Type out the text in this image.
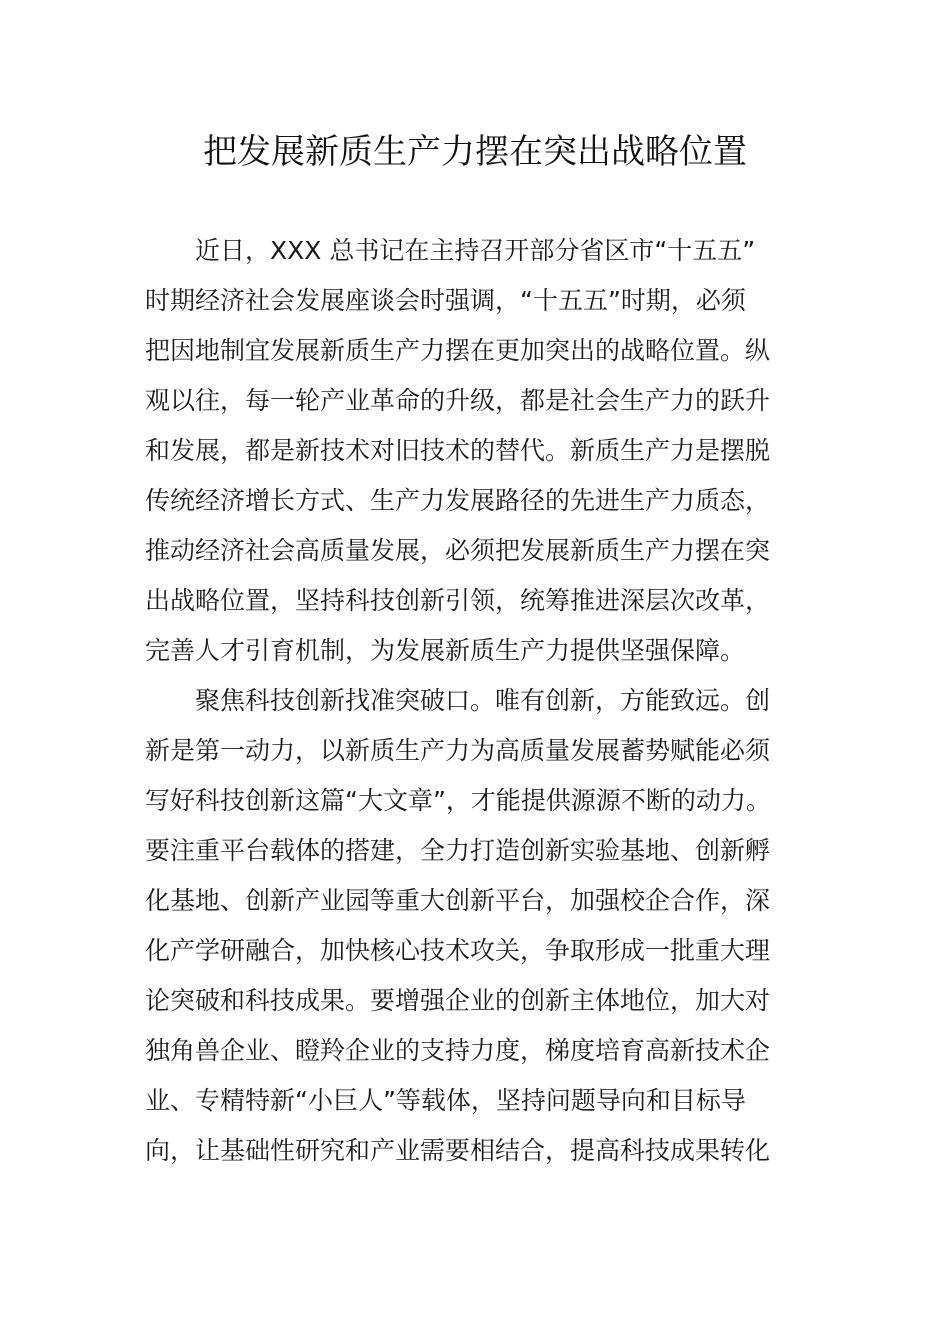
把发展新质生产力摆在突出战略位置

近日，XXX 总书记在主持召开部分省区市“十五五”
时期经济社会发展座谈会时强调，“十五五”时期，必须
把因地制宜发展新质生产力摆在更加突出的战略位置。纵
观以往，每一轮产业革命的升级，都是社会生产力的跃升
和发展，都是新技术对旧技术的替代。新质生产力是摆脱
传统经济增长方式、生产力发展路径的先进生产力质态，
推动经济社会高质量发展，必须把发展新质生产力摆在突
出战略位置，坚持科技创新引领，统筹推进深层次改革，
完善人才引育机制，为发展新质生产力提供坚强保障。

聚焦科技创新找准突破口。唯有创新，方能致远。创
新是第一动力，以新质生产力为高质量发展蓄势赋能必须
写好科技创新这篇“大文章”，才能提供源源不断的动力。
要注重平台载体的搭建，全力打造创新实验基地、创新孵
化基地、创新产业园等重大创新平台，加强校企合作，深
化产学研融合，加快核心技术攻关，争取形成一批重大理
论突破和科技成果。要增强企业的创新主体地位，加大对
独角兽企业、瞪羚企业的支持力度，梯度培育高新技术企
业、专精特新“小巨人”等载体，坚持问题导向和目标导
向，让基础性研究和产业需要相结合，提高科技成果转化
